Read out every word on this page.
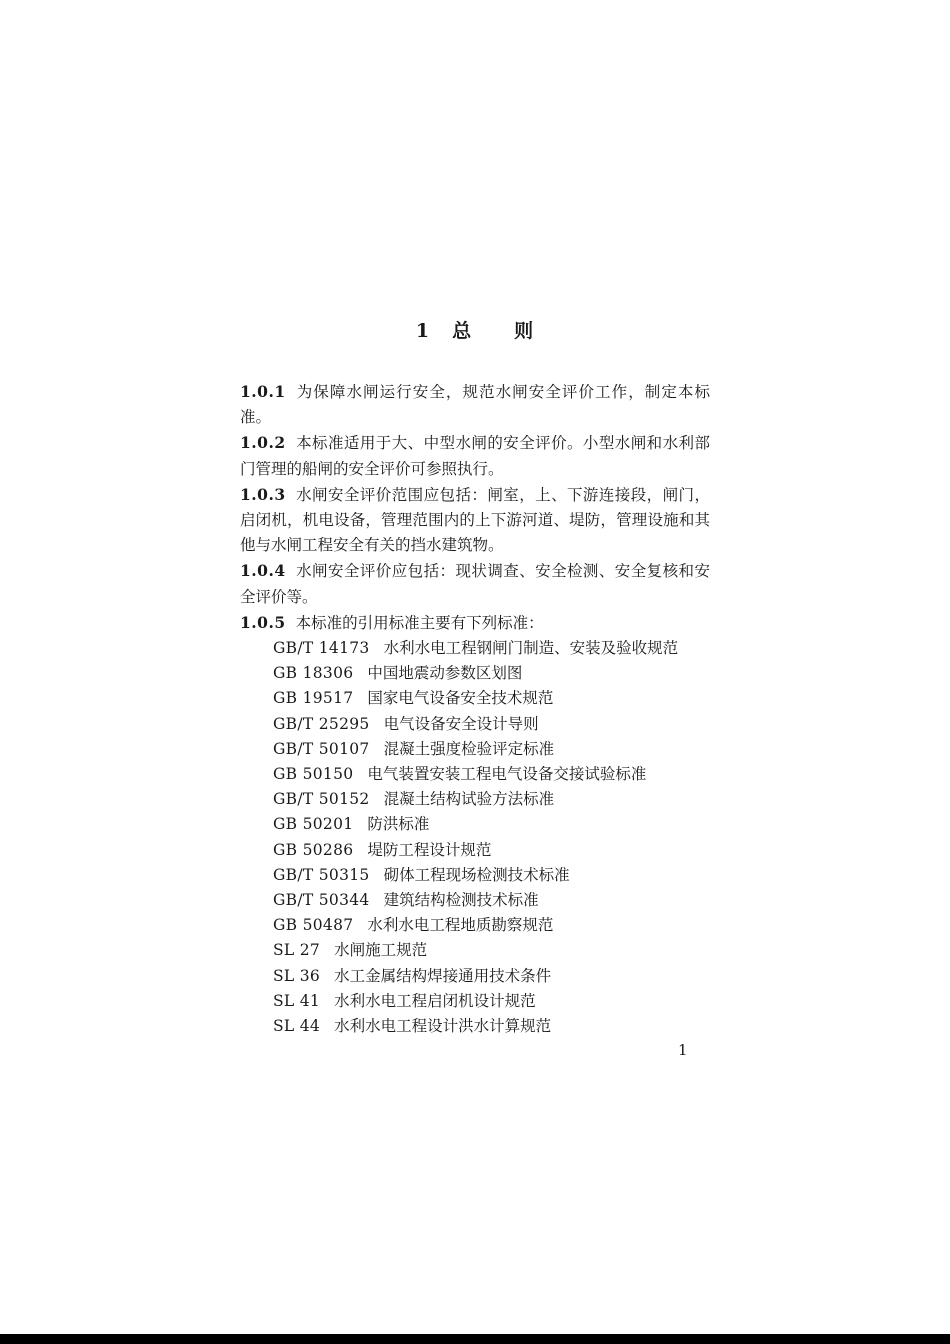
1 总 则

1.0.1 为保障水闸运行安全，规范水闸安全评价工作，制定本标准。

1.0.2 本标准适用于大、中型水闸的安全评价。小型水闸和水利部门管理的船闸的安全评价可参照执行。

1.0.3 水闸安全评价范围应包括：闸室，上、下游连接段，闸门，启闭机，机电设备，管理范围内的上下游河道、堤防，管理设施和其他与水闸工程安全有关的挡水建筑物。

1.0.4 水闸安全评价应包括：现状调查、安全检测、安全复核和安全评价等。

1.0.5 本标准的引用标准主要有下列标准：

GB/T 14173 水利水电工程钢闸门制造、安装及验收规范
GB 18306 中国地震动参数区划图
GB 19517 国家电气设备安全技术规范
GB/T 25295 电气设备安全设计导则
GB/T 50107 混凝土强度检验评定标准
GB 50150 电气装置安装工程电气设备交接试验标准
GB/T 50152 混凝土结构试验方法标准
GB 50201 防洪标准
GB 50286 堤防工程设计规范
GB/T 50315 砌体工程现场检测技术标准
GB/T 50344 建筑结构检测技术标准
GB 50487 水利水电工程地质勘察规范
SL 27 水闸施工规范
SL 36 水工金属结构焊接通用技术条件
SL 41 水利水电工程启闭机设计规范
SL 44 水利水电工程设计洪水计算规范
1
